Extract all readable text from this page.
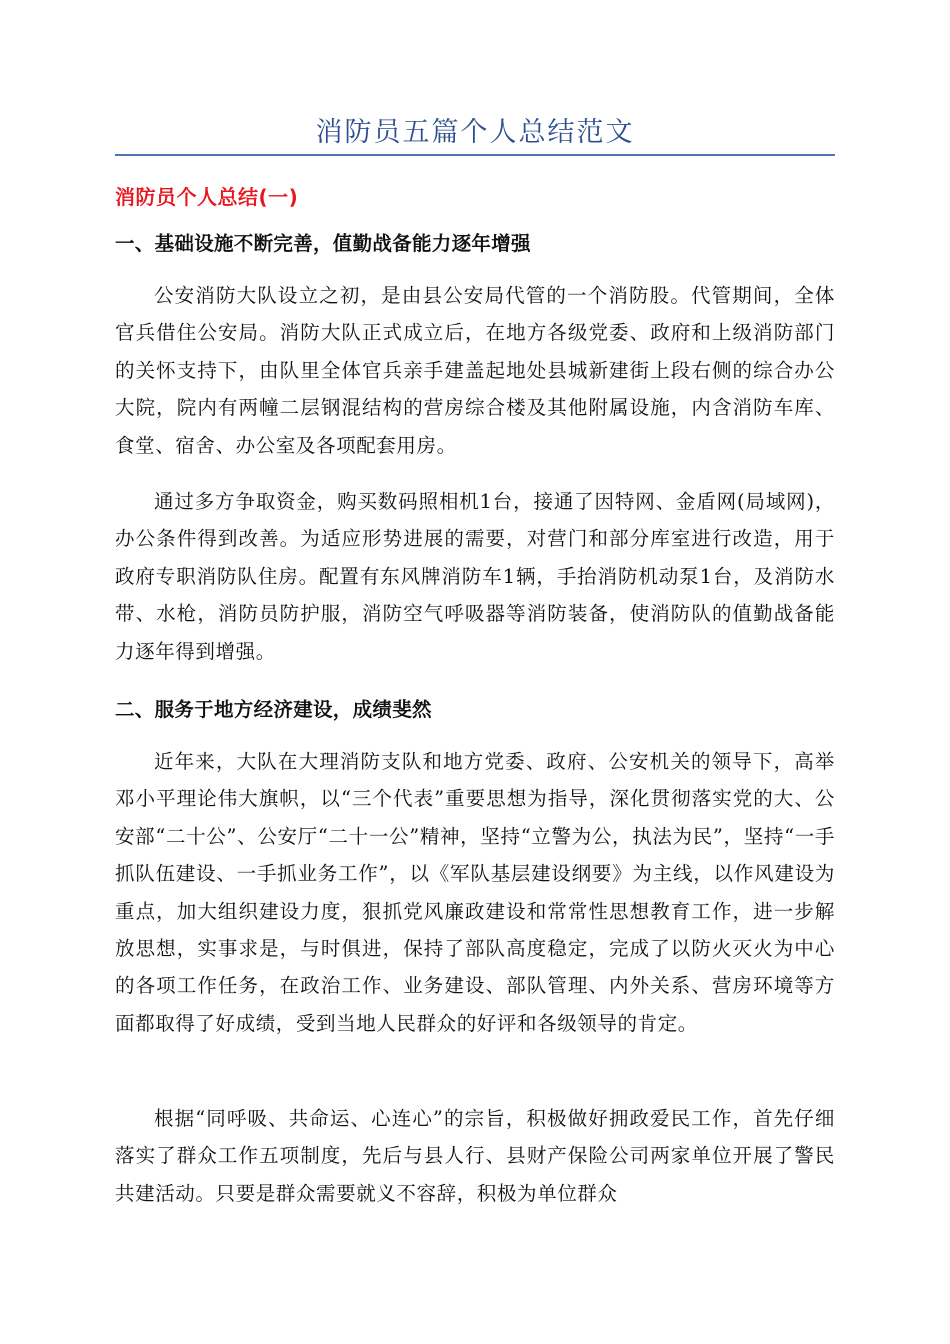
消防员五篇个人总结范文
消防员个人总结(一)
一、基础设施不断完善，值勤战备能力逐年增强

公安消防大队设立之初，是由县公安局代管的一个消防股。代管期间，全体官兵借住公安局。消防大队正式成立后，在地方各级党委、政府和上级消防部门的关怀支持下，由队里全体官兵亲手建盖起地处县城新建街上段右侧的综合办公大院，院内有两幢二层钢混结构的营房综合楼及其他附属设施，内含消防车库、食堂、宿舍、办公室及各项配套用房。

通过多方争取资金，购买数码照相机1台，接通了因特网、金盾网(局域网)，办公条件得到改善。为适应形势进展的需要，对营门和部分库室进行改造，用于政府专职消防队住房。配置有东风牌消防车1辆，手抬消防机动泵1台，及消防水带、水枪，消防员防护服，消防空气呼吸器等消防装备，使消防队的值勤战备能力逐年得到增强。

二、服务于地方经济建设，成绩斐然

近年来，大队在大理消防支队和地方党委、政府、公安机关的领导下，高举邓小平理论伟大旗帜，以“三个代表”重要思想为指导，深化贯彻落实党的大、公安部“二十公”、公安厅“二十一公”精神，坚持“立警为公，执法为民”，坚持“一手抓队伍建设、一手抓业务工作”，以《军队基层建设纲要》为主线，以作风建设为重点，加大组织建设力度，狠抓党风廉政建设和常常性思想教育工作，进一步解放思想，实事求是，与时俱进，保持了部队高度稳定，完成了以防火灭火为中心的各项工作任务，在政治工作、业务建设、部队管理、内外关系、营房环境等方面都取得了好成绩，受到当地人民群众的好评和各级领导的肯定。

根据“同呼吸、共命运、心连心”的宗旨，积极做好拥政爱民工作，首先仔细落实了群众工作五项制度，先后与县人行、县财产保险公司两家单位开展了警民共建活动。只要是群众需要就义不容辞，积极为单位群众
